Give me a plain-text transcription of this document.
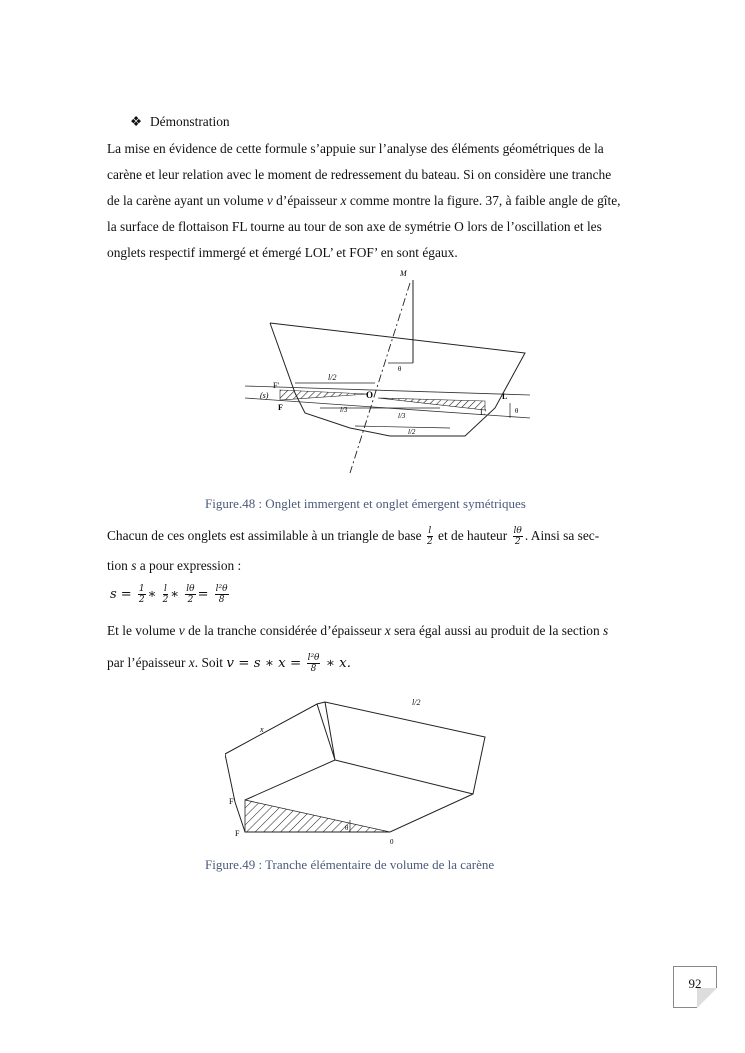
❖ Démonstration
La mise en évidence de cette formule s’appuie sur l’analyse des éléments géométriques de la
carène et leur relation avec le moment de redressement du bateau. Si on considère une tranche
de la carène ayant un volume v d’épaisseur x comme montre la figure. 37, à faible angle de gîte,
la surface de flottaison FL tourne au tour de son axe de symétrie O lors de l’oscillation et les
onglets respectif immergé et émergé LOL’ et FOF’ en sont égaux.
M
θ
l/2
F'
(s)
F
O
l/3
l/3
L
L'	θ
l/2
Figure.48 : Onglet immergent et onglet émergent symétriques
Chacun de ces onglets est assimilable à un triangle de base $\frac{l}{2}$ et de hauteur $\frac{l\theta}{2}$ . Ainsi sa sec-
tion s a pour expression :
$s = \frac{1}{2}$ ∗ $\frac{l}{2}$ ∗ $\frac{l\theta}{2} = \frac{\text{l²θ}}{8}$
Et le volume v de la tranche considérée d’épaisseur x sera égal aussi au produit de la section s
par l’épaisseur x. Soit v = s ∗ $x = \frac{\text{l²θ}}{8}$ ∗ x.
l/2
x
F'
F
θ
0
Figure.49 : Tranche élémentaire de volume de la carène
92
